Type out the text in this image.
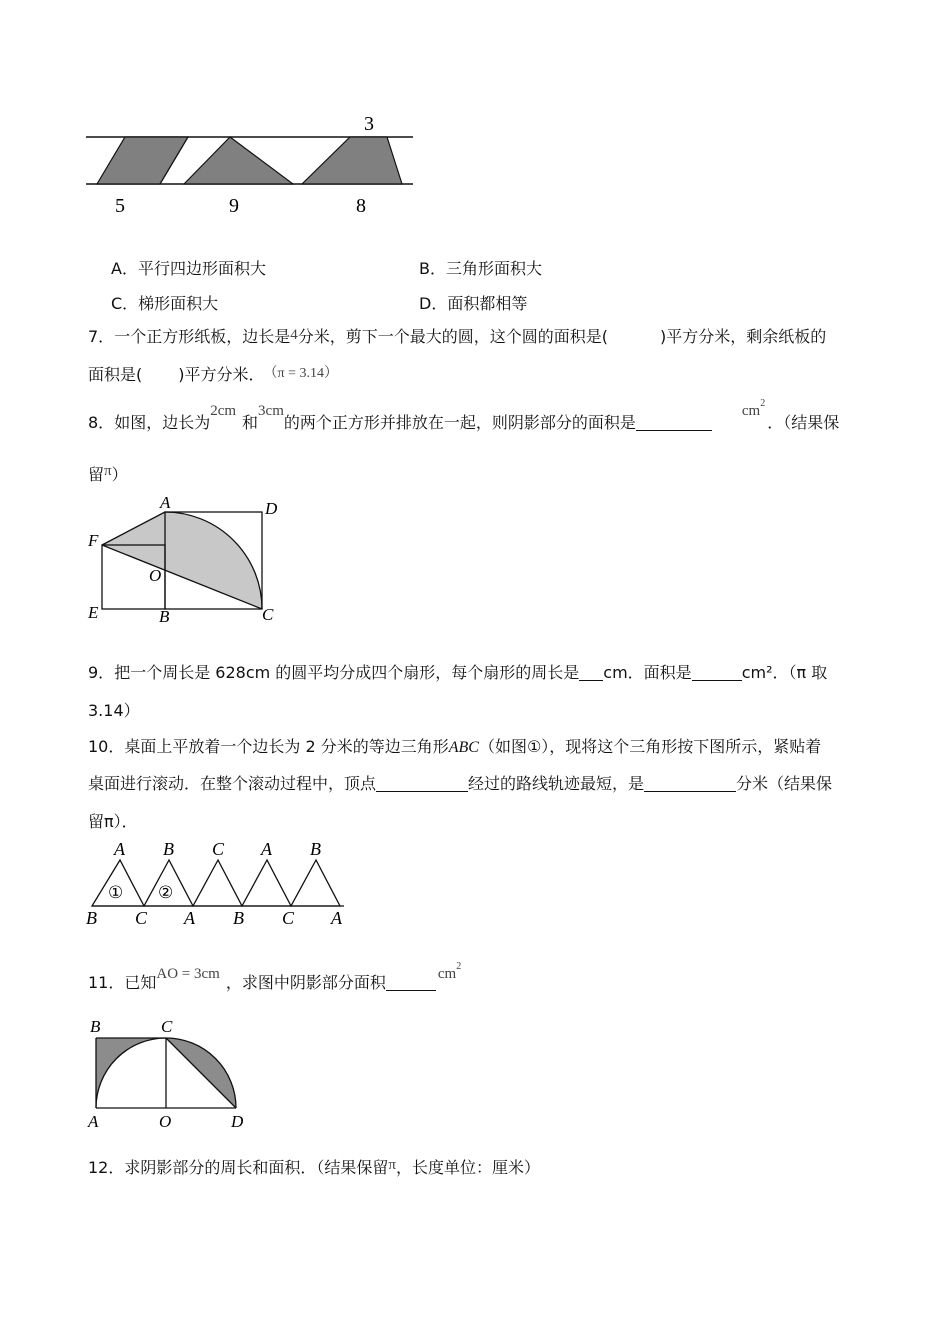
3
5	9	8
A．平行四边形面积大	B．三角形面积大
C．梯形面积大	D．面积都相等
7．一个正方形纸板，边长是4分米，剪下一个最大的圆，这个圆的面积是(	)平方分米，剩余纸板的
面积是( )平方分米． （π = 3.14）
8．如图，边长为2cm和3cm的两个正方形并排放在一起，则阴影部分的面积是$cm^2$．（结果保
留π）
A	D
F
O
E	B	C
9．把一个周长是 628cm 的圆平均分成四个扇形，每个扇形的周长是 cm．面积是	cm²．（π 取
3.14）
10．桌面上平放着一个边长为 2 分米的等边三角形ABC（如图①），现将这个三角形按下图所示，紧贴着
桌面进行滚动．在整个滚动过程中，顶点	经过的路线轨迹最短，是	分米（结果保
留π）．
① ②
A B C A B
B C A B C A
11．已知AO = 3cm ，求图中阴影部分面积	$cm^2$
B	C
A	O	D
12．求阴影部分的周长和面积．（结果保留π，长度单位：厘米）
